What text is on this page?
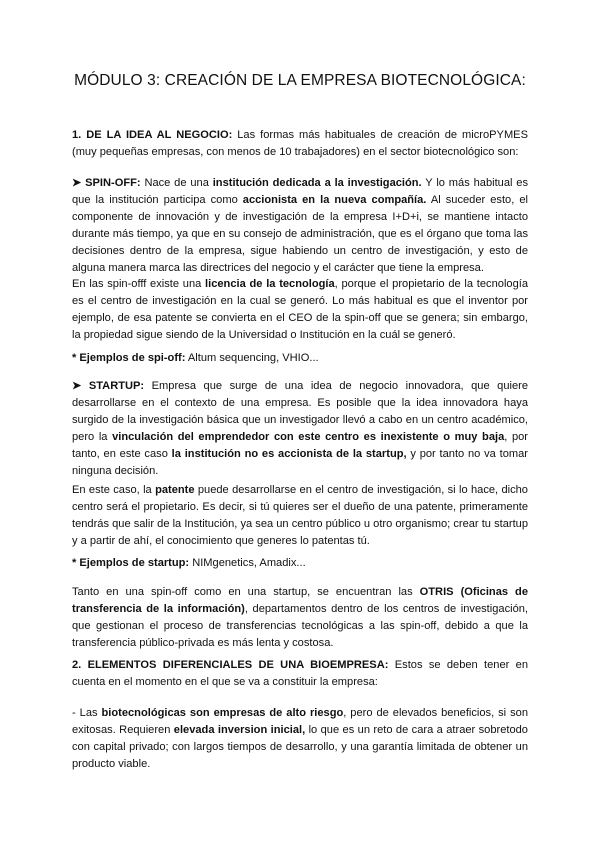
MÓDULO 3: CREACIÓN DE LA EMPRESA BIOTECNOLÓGICA:

1. DE LA IDEA AL NEGOCIO: Las formas más habituales de creación de microPYMES (muy pequeñas empresas, con menos de 10 trabajadores) en el sector biotecnológico son:

➤ SPIN-OFF: Nace de una institución dedicada a la investigación. Y lo más habitual es que la institución participa como accionista en la nueva compañía. Al suceder esto, el componente de innovación y de investigación de la empresa I+D+i, se mantiene intacto durante más tiempo, ya que en su consejo de administración, que es el órgano que toma las decisiones dentro de la empresa, sigue habiendo un centro de investigación, y esto de alguna manera marca las directrices del negocio y el carácter que tiene la empresa.

En las spin-offf existe una licencia de la tecnología, porque el propietario de la tecnología es el centro de investigación en la cual se generó. Lo más habitual es que el inventor por ejemplo, de esa patente se convierta en el CEO de la spin-off que se genera; sin embargo, la propiedad sigue siendo de la Universidad o Institución en la cuál se generó.

* Ejemplos de spi-off: Altum sequencing, VHIO...

➤ STARTUP: Empresa que surge de una idea de negocio innovadora, que quiere desarrollarse en el contexto de una empresa. Es posible que la idea innovadora haya surgido de la investigación básica que un investigador llevó a cabo en un centro académico, pero la vinculación del emprendedor con este centro es inexistente o muy baja, por tanto, en este caso la institución no es accionista de la startup, y por tanto no va tomar ninguna decisión.

En este caso, la patente puede desarrollarse en el centro de investigación, si lo hace, dicho centro será el propietario. Es decir, si tú quieres ser el dueño de una patente, primeramente tendrás que salir de la Institución, ya sea un centro público u otro organismo; crear tu startup y a partir de ahí, el conocimiento que generes lo patentas tú.

* Ejemplos de startup: NIMgenetics, Amadix...

Tanto en una spin-off como en una startup, se encuentran las OTRIS (Oficinas de transferencia de la información), departamentos dentro de los centros de investigación, que gestionan el proceso de transferencias tecnológicas a las spin-off, debido a que la transferencia público-privada es más lenta y costosa.

2. ELEMENTOS DIFERENCIALES DE UNA BIOEMPRESA: Estos se deben tener en cuenta en el momento en el que se va a constituir la empresa:

- Las biotecnológicas son empresas de alto riesgo, pero de elevados beneficios, si son exitosas. Requieren elevada inversion inicial, lo que es un reto de cara a atraer sobretodo con capital privado; con largos tiempos de desarrollo, y una garantía limitada de obtener un producto viable.
